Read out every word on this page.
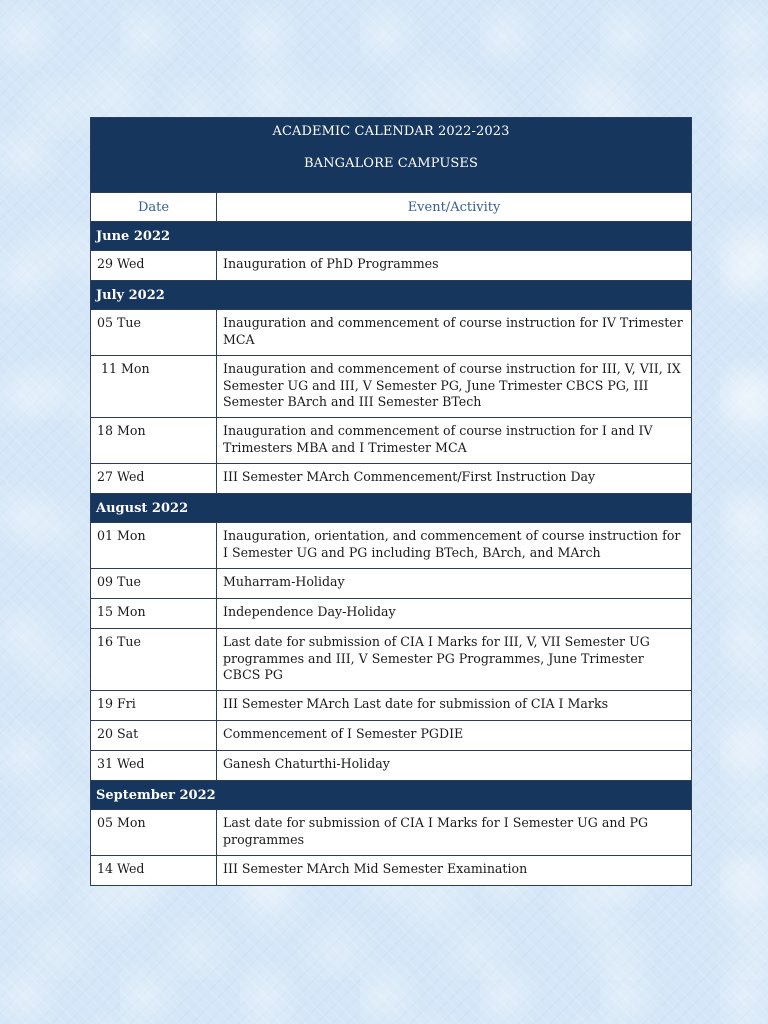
ACADEMIC CALENDAR 2022-2023
BANGALORE CAMPUSES	

Date	Event/Activity
June 2022	
29 Wed	Inauguration of PhD Programmes
July 2022	
05 Tue	Inauguration and commencement of course instruction for IV Trimester MCA
11 Mon	Inauguration and commencement of course instruction for III, V, VII, IX Semester UG and III, V Semester PG, June Trimester CBCS PG, III Semester BArch and III Semester BTech
18 Mon	Inauguration and commencement of course instruction for I and IV Trimesters MBA and I Trimester MCA
27 Wed	III Semester MArch Commencement/First Instruction Day
August 2022	
01 Mon	Inauguration, orientation, and commencement of course instruction for I Semester UG and PG including BTech, BArch, and MArch
09 Tue	Muharram-Holiday
15 Mon	Independence Day-Holiday
16 Tue	Last date for submission of CIA I Marks for III, V, VII Semester UG programmes and III, V Semester PG Programmes, June Trimester CBCS PG
19 Fri	III Semester MArch Last date for submission of CIA I Marks
20 Sat	Commencement of I Semester PGDIE
31 Wed	Ganesh Chaturthi-Holiday
September 2022	
05 Mon	Last date for submission of CIA I Marks for I Semester UG and PG programmes
14 Wed	III Semester MArch Mid Semester Examination
